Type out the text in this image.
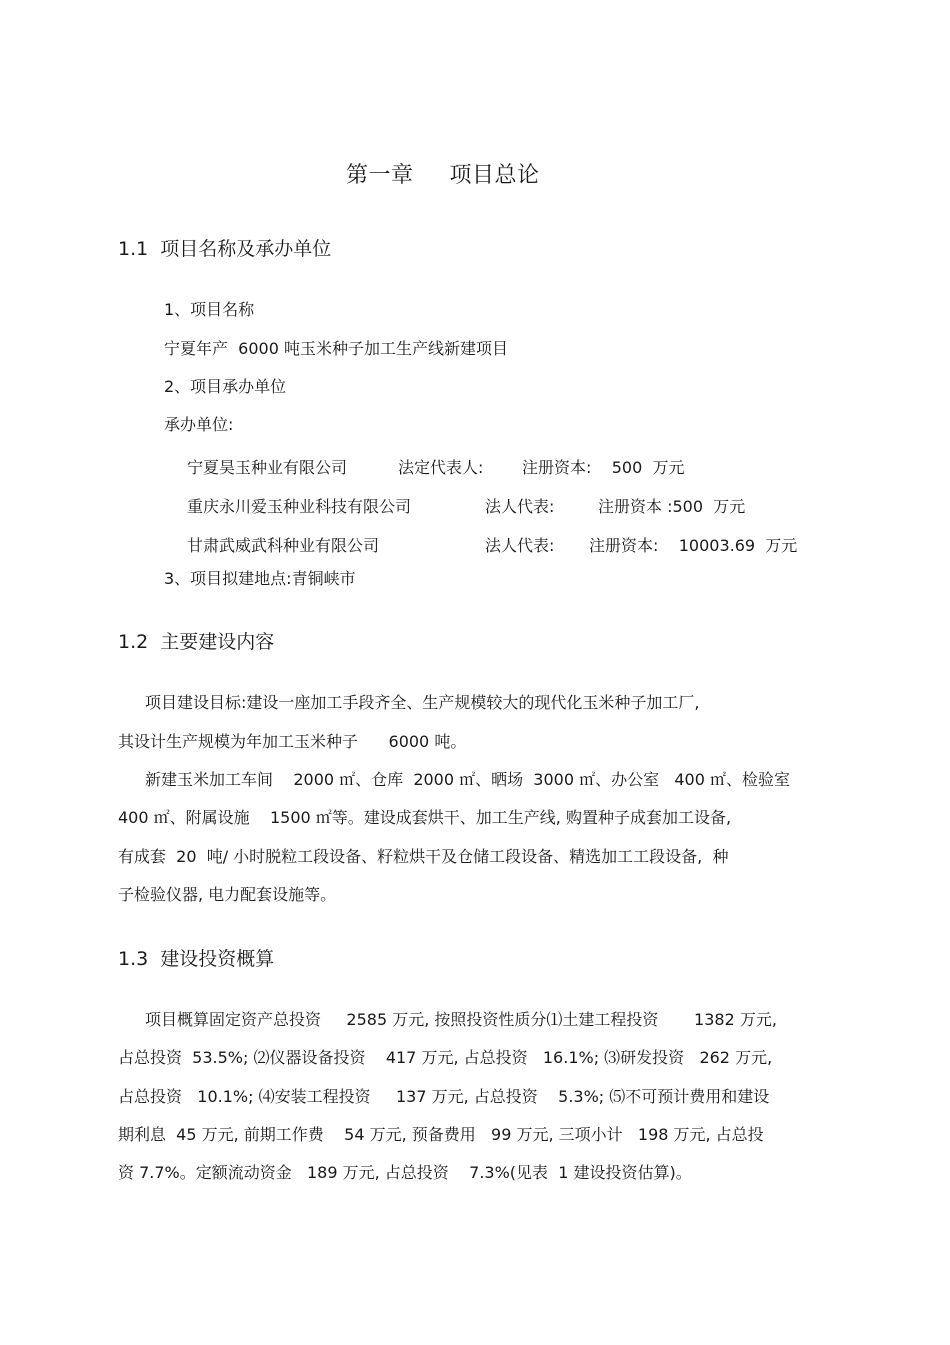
第一章 项目总论
1.1 项目名称及承办单位
1、项目名称
宁夏年产  6000 吨玉米种子加工生产线新建项目
2、项目承办单位
承办单位:
宁夏昊玉种业有限公司	法定代表人: 注册资本:    500  万元
重庆永川爱玉种业科技有限公司	法人代表:	注册资本 :500  万元
甘肃武威武科种业有限公司	法人代表: 注册资本:    10003.69  万元
3、项目拟建地点:青铜峡市
1.2 主要建设内容
项目建设目标:建设一座加工手段齐全、生产规模较大的现代化玉米种子加工厂,
其设计生产规模为年加工玉米种子      6000 吨。
新建玉米加工车间    2000 ㎡、仓库  2000 ㎡、晒场  3000 ㎡、办公室   400 ㎡、检验室
400 ㎡、附属设施    1500 ㎡等。建设成套烘干、加工生产线, 购置种子成套加工设备,
有成套  20  吨/ 小时脱粒工段设备、籽粒烘干及仓储工段设备、精选加工工段设备,  种
子检验仪器, 电力配套设施等。
1.3 建设投资概算
项目概算固定资产总投资     2585 万元, 按照投资性质分⑴土建工程投资       1382 万元,
占总投资  53.5%; ⑵仪器设备投资    417 万元, 占总投资   16.1%; ⑶研发投资   262 万元,
占总投资   10.1%; ⑷安装工程投资     137 万元, 占总投资    5.3%; ⑸不可预计费用和建设
期利息  45 万元, 前期工作费    54 万元, 预备费用   99 万元, 三项小计   198 万元, 占总投
资 7.7%。定额流动资金   189 万元, 占总投资    7.3%(见表  1 建设投资估算)。
